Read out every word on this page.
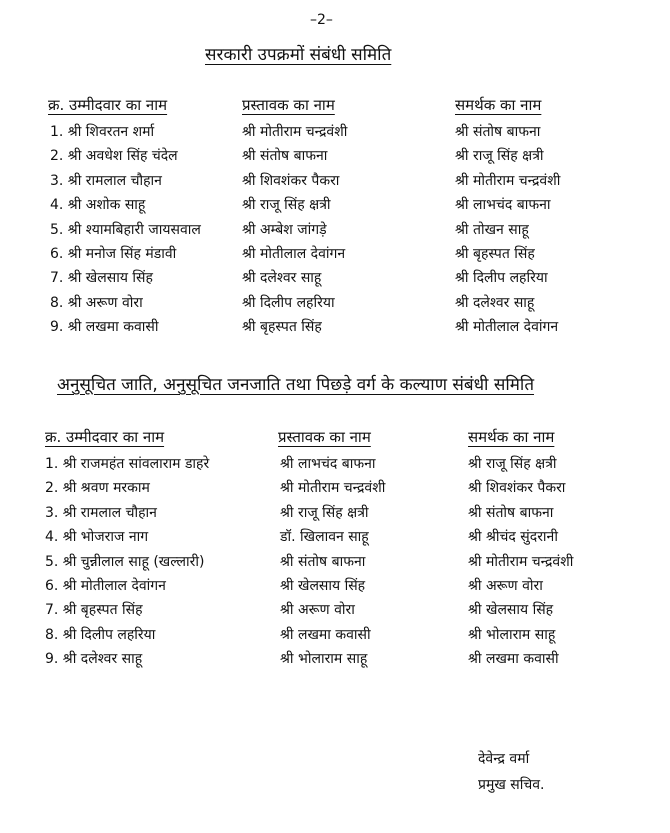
–2–
सरकारी उपक्रमों संबंधी समिति
क्र. उम्मीदवार का नाम	प्रस्तावक का नाम	समर्थक का नाम
1. श्री शिवरतन शर्मा	श्री मोतीराम चन्द्रवंशी	श्री संतोष बाफना
2. श्री अवधेश सिंह चंदेल	श्री संतोष बाफना	श्री राजू सिंह क्षत्री
3. श्री रामलाल चौहान	श्री शिवशंकर पैकरा	श्री मोतीराम चन्द्रवंशी
4. श्री अशोक साहू	श्री राजू सिंह क्षत्री	श्री लाभचंद बाफना
5. श्री श्यामबिहारी जायसवाल	श्री अम्बेश जांगड़े	श्री तोखन साहू
6. श्री मनोज सिंह मंडावी	श्री मोतीलाल देवांगन	श्री बृहस्पत सिंह
7. श्री खेलसाय सिंह	श्री दलेश्वर साहू	श्री दिलीप लहरिया
8. श्री अरूण वोरा	श्री दिलीप लहरिया	श्री दलेश्वर साहू
9. श्री लखमा कवासी	श्री बृहस्पत सिंह	श्री मोतीलाल देवांगन
अनुसूचित जाति, अनुसूचित जनजाति तथा पिछड़े वर्ग के कल्याण संबंधी समिति
क्र. उम्मीदवार का नाम	प्रस्तावक का नाम	समर्थक का नाम
1. श्री राजमहंत सांवलाराम डाहरे	श्री लाभचंद बाफना	श्री राजू सिंह क्षत्री
2. श्री श्रवण मरकाम	श्री मोतीराम चन्द्रवंशी	श्री शिवशंकर पैकरा
3. श्री रामलाल चौहान	श्री राजू सिंह क्षत्री	श्री संतोष बाफना
4. श्री भोजराज नाग	डॉ. खिलावन साहू	श्री श्रीचंद सुंदरानी
5. श्री चुन्नीलाल साहू (खल्लारी)	श्री संतोष बाफना	श्री मोतीराम चन्द्रवंशी
6. श्री मोतीलाल देवांगन	श्री खेलसाय सिंह	श्री अरूण वोरा
7. श्री बृहस्पत सिंह	श्री अरूण वोरा	श्री खेलसाय सिंह
8. श्री दिलीप लहरिया	श्री लखमा कवासी	श्री भोलाराम साहू
9. श्री दलेश्वर साहू	श्री भोलाराम साहू	श्री लखमा कवासी
देवेन्द्र वर्मा
प्रमुख सचिव.
